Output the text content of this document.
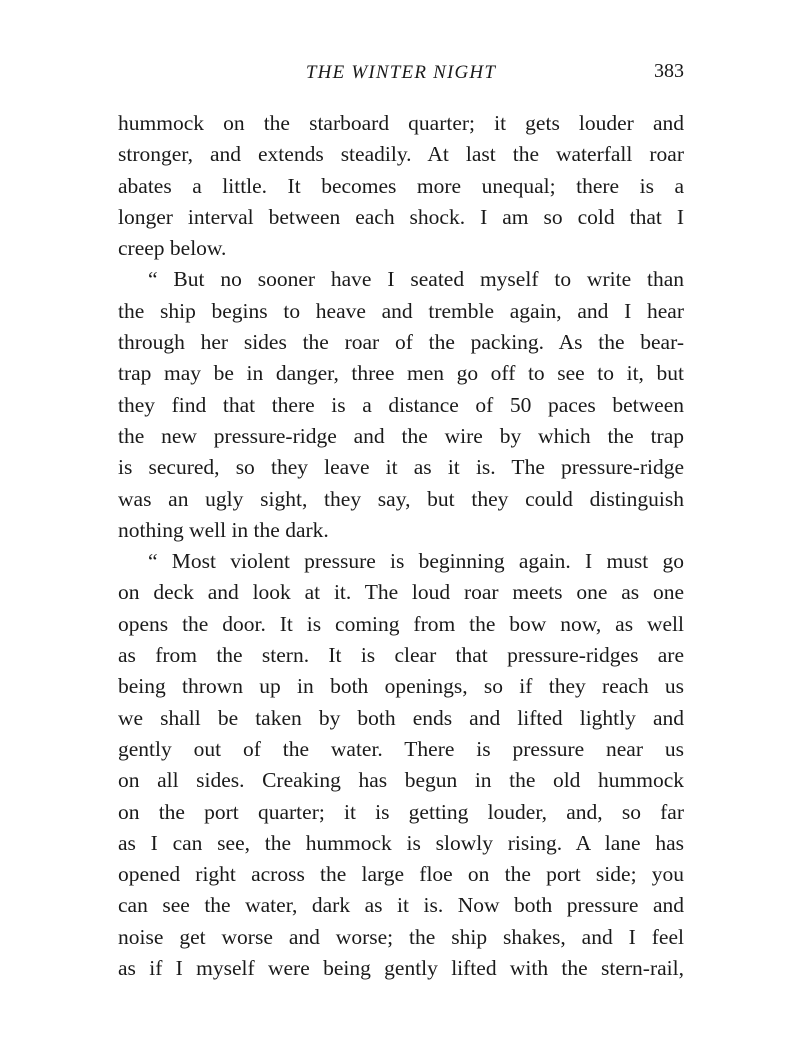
THE WINTER NIGHT	383
hummock on the starboard quarter; it gets louder and
stronger, and extends steadily. At last the waterfall roar
abates a little. It becomes more unequal; there is a
longer interval between each shock. I am so cold that I
creep below.
“ But no sooner have I seated myself to write than
the ship begins to heave and tremble again, and I hear
through her sides the roar of the packing. As the bear-
trap may be in danger, three men go off to see to it, but
they find that there is a distance of 50 paces between
the new pressure-ridge and the wire by which the trap
is secured, so they leave it as it is. The pressure-ridge
was an ugly sight, they say, but they could distinguish
nothing well in the dark.
“ Most violent pressure is beginning again. I must go
on deck and look at it. The loud roar meets one as one
opens the door. It is coming from the bow now, as well
as from the stern. It is clear that pressure-ridges are
being thrown up in both openings, so if they reach us
we shall be taken by both ends and lifted lightly and
gently out of the water. There is pressure near us
on all sides. Creaking has begun in the old hummock
on the port quarter; it is getting louder, and, so far
as I can see, the hummock is slowly rising. A lane has
opened right across the large floe on the port side; you
can see the water, dark as it is. Now both pressure and
noise get worse and worse; the ship shakes, and I feel
as if I myself were being gently lifted with the stern-rail,
